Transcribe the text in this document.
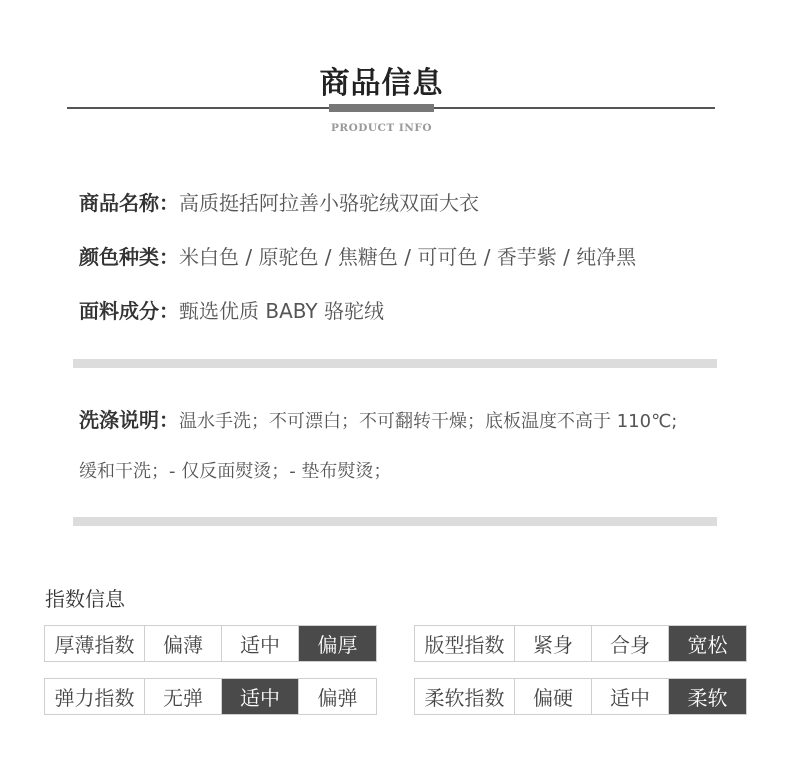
商品信息
PRODUCT INFO
商品名称：高质挺括阿拉善小骆驼绒双面大衣
颜色种类：米白色 / 原驼色 / 焦糖色 / 可可色 / 香芋紫 / 纯净黑
面料成分：甄选优质 BABY 骆驼绒
洗涤说明：温水手洗；不可漂白；不可翻转干燥；底板温度不高于 110℃;
缓和干洗；- 仅反面熨烫；- 垫布熨烫；
指数信息
厚薄指数	偏薄	适中	偏厚	版型指数	紧身	合身	宽松
弹力指数	无弹	适中	偏弹	柔软指数	偏硬	适中	柔软
